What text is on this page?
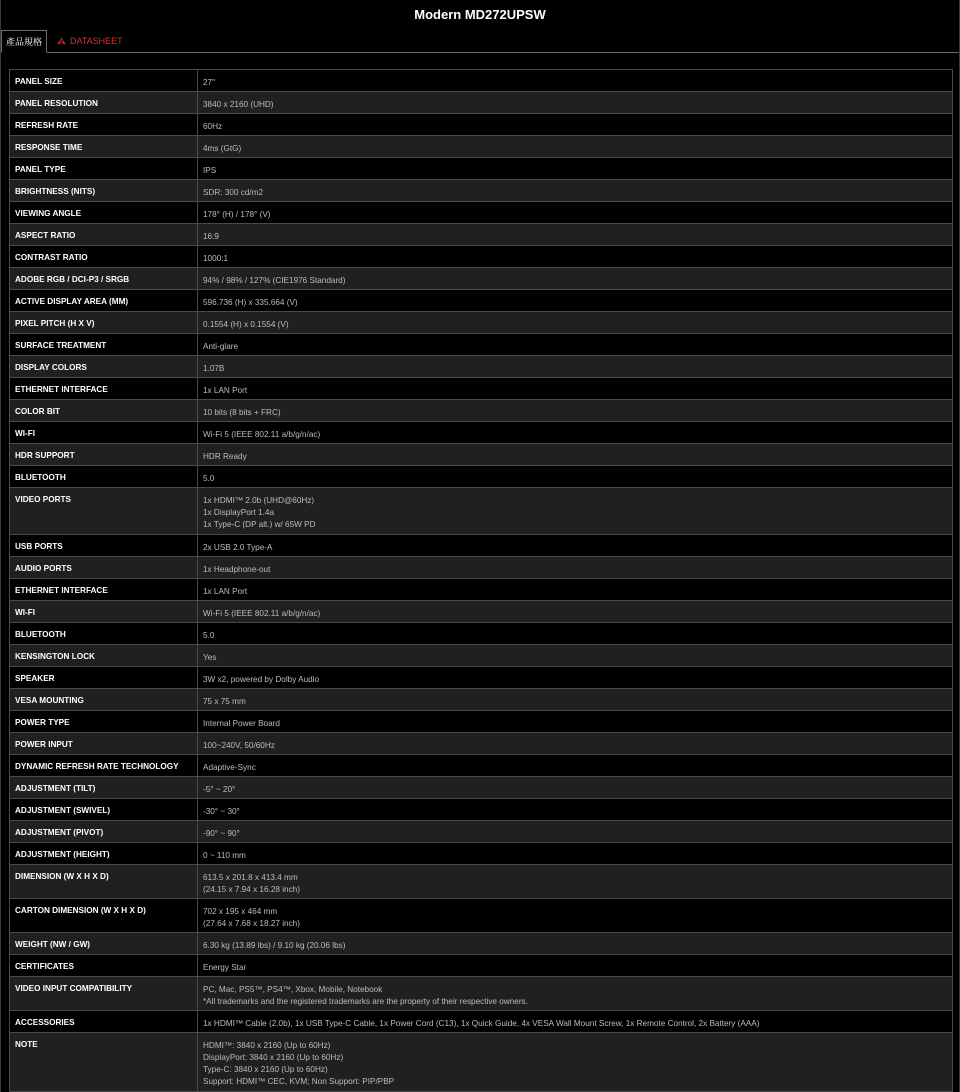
Modern MD272UPSW
產品規格	DATASHEET
PANEL SIZE	27"
PANEL RESOLUTION	3840 x 2160 (UHD)
REFRESH RATE	60Hz
RESPONSE TIME	4ms (GtG)
PANEL TYPE	IPS
BRIGHTNESS (NITS)	SDR: 300 cd/m2
VIEWING ANGLE	178° (H) / 178° (V)
ASPECT RATIO	16:9
CONTRAST RATIO	1000:1
ADOBE RGB / DCI-P3 / SRGB	94% / 98% / 127% (CIE1976 Standard)
ACTIVE DISPLAY AREA (MM)	596.736 (H) x 335.664 (V)
PIXEL PITCH (H X V)	0.1554 (H) x 0.1554 (V)
SURFACE TREATMENT	Anti-glare
DISPLAY COLORS	1.07B
ETHERNET INTERFACE	1x LAN Port
COLOR BIT	10 bits (8 bits + FRC)
WI-FI	Wi-Fi 5 (IEEE 802.11 a/b/g/n/ac)
HDR SUPPORT	HDR Ready
BLUETOOTH	5.0
VIDEO PORTS	1x HDMI™ 2.0b (UHD@60Hz)
1x DisplayPort 1.4a
1x Type-C (DP alt.) w/ 65W PD
USB PORTS	2x USB 2.0 Type-A
AUDIO PORTS	1x Headphone-out
ETHERNET INTERFACE	1x LAN Port
WI-FI	Wi-Fi 5 (IEEE 802.11 a/b/g/n/ac)
BLUETOOTH	5.0
KENSINGTON LOCK	Yes
SPEAKER	3W x2, powered by Dolby Audio
VESA MOUNTING	75 x 75 mm
POWER TYPE	Internal Power Board
POWER INPUT	100~240V, 50/60Hz
DYNAMIC REFRESH RATE TECHNOLOGY	Adaptive-Sync
ADJUSTMENT (TILT)	-5° ~ 20°
ADJUSTMENT (SWIVEL)	-30° ~ 30°
ADJUSTMENT (PIVOT)	-90° ~ 90°
ADJUSTMENT (HEIGHT)	0 ~ 110 mm
DIMENSION (W X H X D)	613.5 x 201.8 x 413.4 mm
(24.15 x 7.94 x 16.28 inch)
CARTON DIMENSION (W X H X D)	702 x 195 x 464 mm
(27.64 x 7.68 x 18.27 inch)
WEIGHT (NW / GW)	6.30 kg (13.89 lbs) / 9.10 kg (20.06 lbs)
CERTIFICATES	Energy Star
VIDEO INPUT COMPATIBILITY	PC, Mac, PS5™, PS4™, Xbox, Mobile, Notebook
*All trademarks and the registered trademarks are the property of their respective owners.
ACCESSORIES	1x HDMI™ Cable (2.0b), 1x USB Type-C Cable, 1x Power Cord (C13), 1x Quick Guide, 4x VESA Wall Mount Screw, 1x Remote Control, 2x Battery (AAA)
NOTE	HDMI™: 3840 x 2160 (Up to 60Hz)
DisplayPort: 3840 x 2160 (Up to 60Hz)
Type-C: 3840 x 2160 (Up to 60Hz)
Support: HDMI™ CEC, KVM; Non Support: PIP/PBP
